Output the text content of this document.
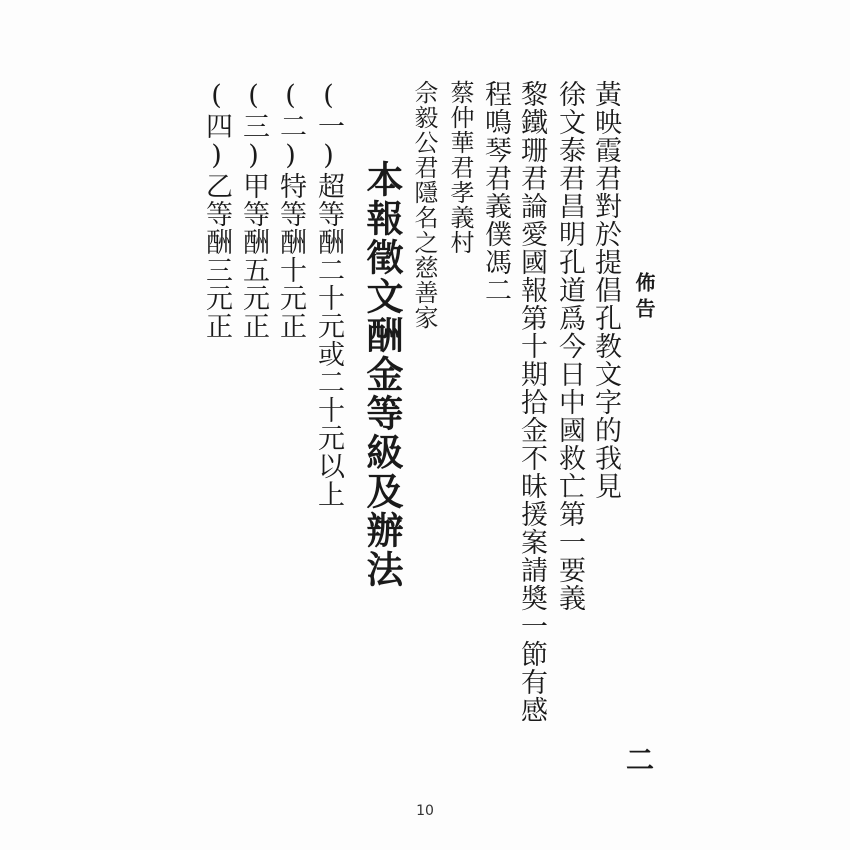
佈告
二
黃映霞君對於提倡孔教文字的我見
徐文泰君昌明孔道爲今日中國救亡第一要義
黎鐵珊君論愛國報第十期拾金不昧援案請奬一節有感
程鳴琴君義僕馮二
蔡仲華君孝義村
佘毅公君隱名之慈善家
本報徵文酬金等級及辦法
(一)超等酬二十元或二十元以上
(二)特等酬十元正
(三)甲等酬五元正
(四)乙等酬三元正
10
